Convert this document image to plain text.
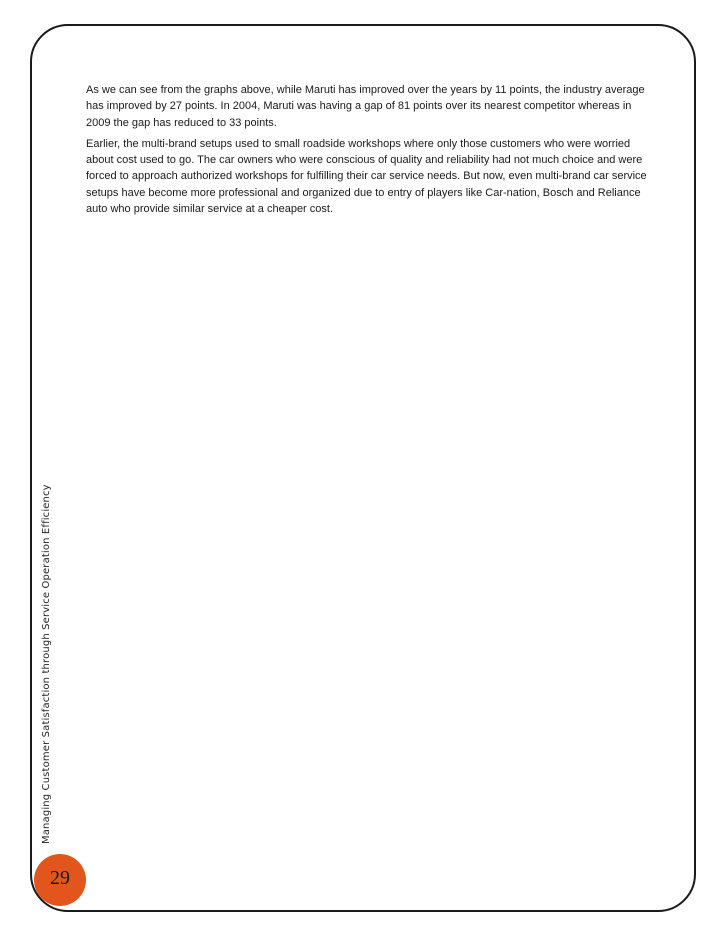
As we can see from the graphs above, while Maruti has improved over the years by 11 points, the industry average has improved by 27 points. In 2004, Maruti was having a gap of 81 points over its nearest competitor whereas in 2009 the gap has reduced to 33 points.

Earlier, the multi-brand setups used to small roadside workshops where only those customers who were worried about cost used to go. The car owners who were conscious of quality and reliability had not much choice and were forced to approach authorized workshops for fulfilling their car service needs. But now, even multi-brand car service setups have become more professional and organized due to entry of players like Car-nation, Bosch and Reliance auto who provide similar service at a cheaper cost.

Managing Customer Satisfaction through Service Operation Efficiency
29
